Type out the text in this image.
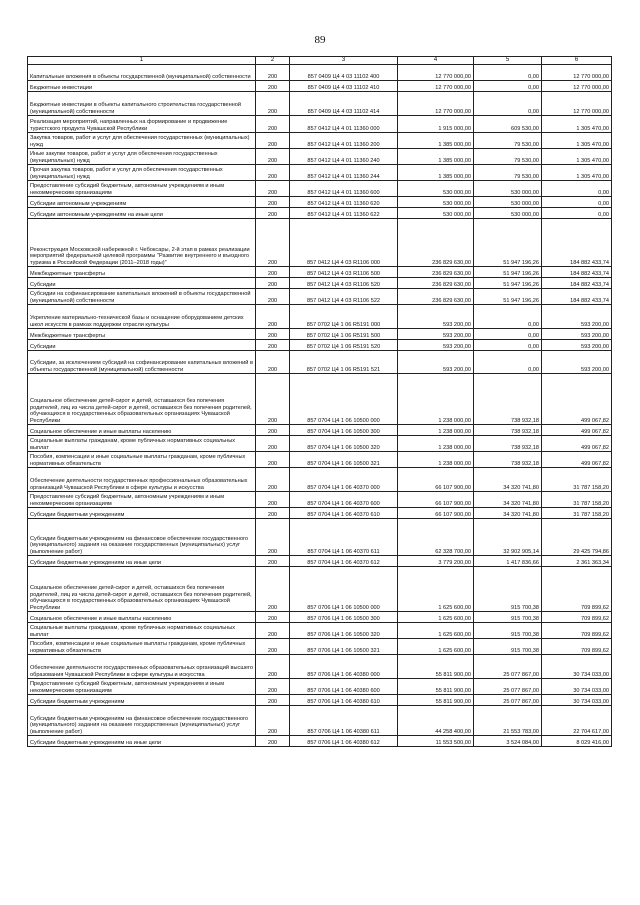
89
1	2	3	4	5	6
Капитальные вложения в объекты государственной (муниципальной) собственности	200	857 0409 Ц4 4 03 11102 400	12 770 000,00	0,00	12 770 000,00
Бюджетные инвестиции	200	857 0409 Ц4 4 03 11102 410	12 770 000,00	0,00	12 770 000,00
Бюджетные инвестиции в объекты капитального строительства государственной (муниципальной) собственности	200	857 0409 Ц4 4 03 11102 414	12 770 000,00	0,00	12 770 000,00
Реализация мероприятий, направленных на формирование и продвижение туристского продукта Чувашской Республики	200	857 0412 Ц4 4 01 11360 000	1 915 000,00	609 530,00	1 305 470,00
Закупка товаров, работ и услуг для обеспечения государственных (муниципальных) нужд	200	857 0412 Ц4 4 01 11360 200	1 385 000,00	79 530,00	1 305 470,00
Иные закупки товаров, работ и услуг для обеспечения государственных (муниципальных) нужд	200	857 0412 Ц4 4 01 11360 240	1 385 000,00	79 530,00	1 305 470,00
Прочая закупка товаров, работ и услуг для обеспечения государственных (муниципальных) нужд	200	857 0412 Ц4 4 01 11360 244	1 385 000,00	79 530,00	1 305 470,00
Предоставление субсидий бюджетным, автономным учреждениям и иным некоммерческим организациям	200	857 0412 Ц4 4 01 11360 600	530 000,00	530 000,00	0,00
Субсидии автономным учреждениям	200	857 0412 Ц4 4 01 11360 620	530 000,00	530 000,00	0,00
Субсидии автономным учреждениям на иные цели	200	857 0412 Ц4 4 01 11360 622	530 000,00	530 000,00	0,00
Реконструкция Московской набережной г. Чебоксары, 2-й этап в рамках реализации мероприятий федеральной целевой программы "Развитие внутреннего и въездного туризма в Российской Федерации (2011–2018 годы)"	200	857 0412 Ц4 4 03 R1106 000	236 829 630,00	51 947 196,26	184 882 433,74
Межбюджетные трансферты	200	857 0412 Ц4 4 03 R1106 500	236 829 630,00	51 947 196,26	184 882 433,74
Субсидии	200	857 0412 Ц4 4 03 R1106 520	236 829 630,00	51 947 196,26	184 882 433,74
Субсидии на софинансирование капитальных вложений в объекты государственной (муниципальной) собственности	200	857 0412 Ц4 4 03 R1106 522	236 829 630,00	51 947 196,26	184 882 433,74
Укрепление материально-технической базы и оснащение оборудованием детских школ искусств в рамках поддержки отрасли культуры	200	857 0702 Ц4 1 06 R5191 000	593 200,00	0,00	593 200,00
Межбюджетные трансферты	200	857 0702 Ц4 1 06 R5191 500	593 200,00	0,00	593 200,00
Субсидии	200	857 0702 Ц4 1 06 R5191 520	593 200,00	0,00	593 200,00
Субсидии, за исключением субсидий на софинансирование капитальных вложений в объекты государственной (муниципальной) собственности	200	857 0702 Ц4 1 06 R5191 521	593 200,00	0,00	593 200,00
Социальное обеспечение детей-сирот и детей, оставшихся без попечения родителей, лиц из числа детей-сирот и детей, оставшихся без попечения родителей, обучающихся в государственных образовательных организациях Чувашской Республики	200	857 0704 Ц4 1 06 10500 000	1 238 000,00	738 932,18	499 067,82
Социальное обеспечение и иные выплаты населению	200	857 0704 Ц4 1 06 10500 300	1 238 000,00	738 932,18	499 067,82
Социальные выплаты гражданам, кроме публичных нормативных социальных выплат	200	857 0704 Ц4 1 06 10500 320	1 238 000,00	738 932,18	499 067,82
Пособия, компенсации и иные социальные выплаты гражданам, кроме публичных нормативных обязательств	200	857 0704 Ц4 1 06 10500 321	1 238 000,00	738 932,18	499 067,82
Обеспечение деятельности государственных профессиональных образовательных организаций Чувашской Республики в сфере культуры и искусства	200	857 0704 Ц4 1 06 40370 000	66 107 900,00	34 320 741,80	31 787 158,20
Предоставление субсидий бюджетным, автономным учреждениям и иным некоммерческим организациям	200	857 0704 Ц4 1 06 40370 600	66 107 900,00	34 320 741,80	31 787 158,20
Субсидии бюджетным учреждениям	200	857 0704 Ц4 1 06 40370 610	66 107 900,00	34 320 741,80	31 787 158,20
Субсидии бюджетным учреждениям на финансовое обеспечение государственного (муниципального) задания на оказание государственных (муниципальных) услуг (выполнение работ)	200	857 0704 Ц4 1 06 40370 611	62 328 700,00	32 902 905,14	29 425 794,86
Субсидии бюджетным учреждениям на иные цели	200	857 0704 Ц4 1 06 40370 612	3 779 200,00	1 417 836,66	2 361 363,34
Социальное обеспечение детей-сирот и детей, оставшихся без попечения родителей, лиц из числа детей-сирот и детей, оставшихся без попечения родителей, обучающихся в государственных образовательных организациях Чувашской Республики	200	857 0706 Ц4 1 06 10500 000	1 625 600,00	915 700,38	709 899,62
Социальное обеспечение и иные выплаты населению	200	857 0706 Ц4 1 06 10500 300	1 625 600,00	915 700,38	709 899,62
Социальные выплаты гражданам, кроме публичных нормативных социальных выплат	200	857 0706 Ц4 1 06 10500 320	1 625 600,00	915 700,38	709 899,62
Пособия, компенсации и иные социальные выплаты гражданам, кроме публичных нормативных обязательств	200	857 0706 Ц4 1 06 10500 321	1 625 600,00	915 700,38	709 899,62
Обеспечение деятельности государственных образовательных организаций высшего образования Чувашской Республики в сфере культуры и искусства	200	857 0706 Ц4 1 06 40380 000	55 811 900,00	25 077 867,00	30 734 033,00
Предоставление субсидий бюджетным, автономным учреждениям и иным некоммерческим организациям	200	857 0706 Ц4 1 06 40380 600	55 811 900,00	25 077 867,00	30 734 033,00
Субсидии бюджетным учреждениям	200	857 0706 Ц4 1 06 40380 610	55 811 900,00	25 077 867,00	30 734 033,00
Субсидии бюджетным учреждениям на финансовое обеспечение государственного (муниципального) задания на оказание государственных (муниципальных) услуг (выполнение работ)	200	857 0706 Ц4 1 06 40380 611	44 258 400,00	21 553 783,00	22 704 617,00
Субсидии бюджетным учреждениям на иные цели	200	857 0706 Ц4 1 06 40380 612	11 553 500,00	3 524 084,00	8 029 416,00
